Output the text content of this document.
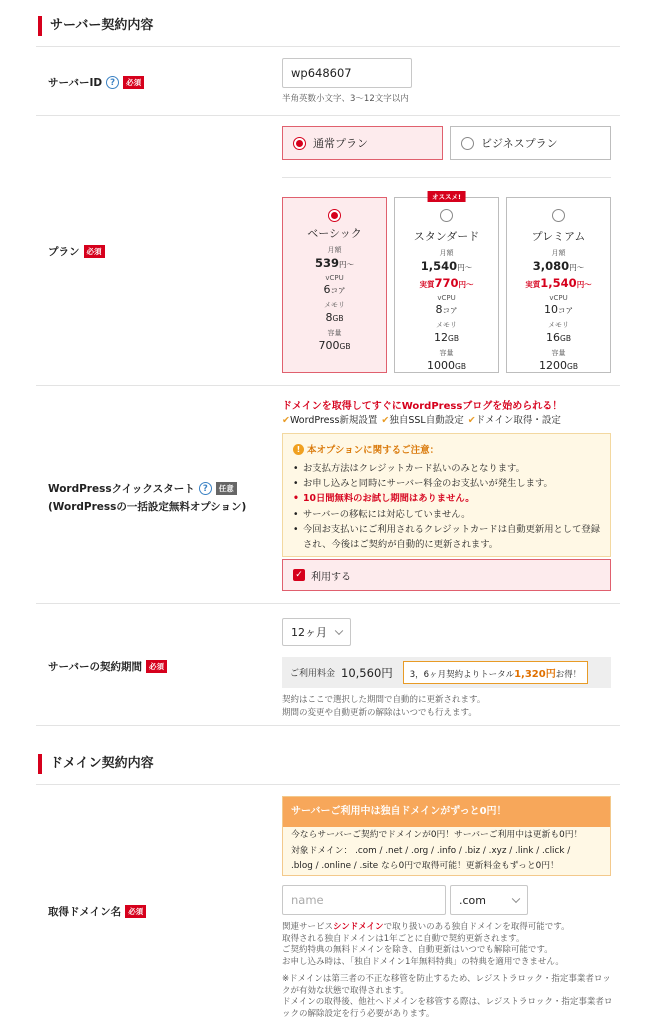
サーバー契約内容
サーバーID ?	必須
wp648607
半角英数小文字、3〜12文字以内
プラン 必須
通常プラン	ビジネスプラン
ベーシック
月額
539円〜
vCPU
6コア
メモリ
8GB
容量
700GB
オススメ!
スタンダード
月額
1,540円〜
実質770円〜
vCPU
8コア
メモリ
12GB
容量
1000GB
プレミアム
月額
3,080円〜
実質1,540円〜
vCPU
10コア
メモリ
16GB
容量
1200GB
WordPressクイックスタート ?	任意
(WordPressの一括設定無料オプション)
ドメインを取得してすぐにWordPressブログを始められる！
✔WordPress新規設置 ✔独自SSL自動設定 ✔ドメイン取得・設定
! 本オプションに関するご注意：
• お支払方法はクレジットカード払いのみとなります。
• お申し込みと同時にサーバー料金のお支払いが発生します。
• 10日間無料のお試し期間はありません。
• サーバーの移転には対応していません。
• 今回お支払いにご利用されるクレジットカードは自動更新用として登録され、今後はご契約が自動的に更新されます。
✓ 利用する
サーバーの契約期間 必須
12ヶ月
ご利用料金 10,560円	3，6ヶ月契約よりトータル1,320円お得！
契約はここで選択した期間で自動的に更新されます。
期間の変更や自動更新の解除はいつでも行えます。
ドメイン契約内容
取得ドメイン名 必須
サーバーご利用中は独自ドメインがずっと0円！
今ならサーバーご契約でドメインが0円！サーバーご利用中は更新も0円！
対象ドメイン： .com / .net / .org / .info / .biz / .xyz / .link / .click /
.blog / .online / .site なら0円で取得可能！更新料金もずっと0円！
name	.com
関連サービスシンドメインで取り扱いのある独自ドメインを取得可能です。
取得される独自ドメインは1年ごとに自動で契約更新されます。
ご契約特典の無料ドメインを除き、自動更新はいつでも解除可能です。
お申し込み時は、「独自ドメイン1年無料特典」の特典を適用できません。
※ドメインは第三者の不正な移管を防止するため、レジストラロック・指定事業者ロッ
クが有効な状態で取得されます。
ドメインの取得後、他社へドメインを移管する際は、レジストラロック・指定事業者ロ
ックの解除設定を行う必要があります。
